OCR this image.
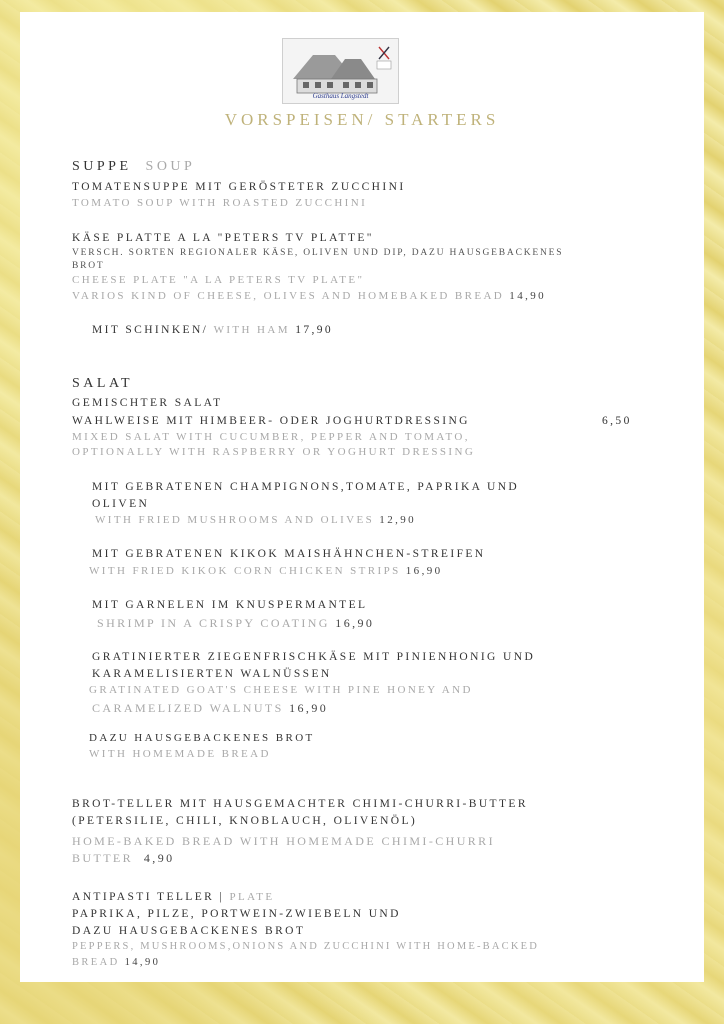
Gasthaus Langstedt
VORSPEISEN/ STARTERS
SUPPE SOUP
TOMATENSUPPE MIT GERÖSTETER ZUCCHINI
TOMATO SOUP WITH ROASTED ZUCCHINI
KÄSE PLATTE A LA "PETERS TV PLATTE"
VERSCH. SORTEN REGIONALER KÄSE, OLIVEN UND DIP, DAZU HAUSGEBACKENES
BROT
CHEESE PLATE "A LA PETERS TV PLATE"
VARIOS KIND OF CHEESE, OLIVES AND HOMEBAKED BREAD 14,90
MIT SCHINKEN/ WITH HAM 17,90
SALAT
GEMISCHTER SALAT
WAHLWEISE MIT HIMBEER- ODER JOGHURTDRESSING	6,50
MIXED SALAT WITH CUCUMBER, PEPPER AND TOMATO,
OPTIONALLY WITH RASPBERRY OR YOGHURT DRESSING
MIT GEBRATENEN CHAMPIGNONS,TOMATE, PAPRIKA UND
OLIVEN
WITH FRIED MUSHROOMS AND OLIVES 12,90
MIT GEBRATENEN KIKOK MAISHÄHNCHEN-STREIFEN
WITH FRIED KIKOK CORN CHICKEN STRIPS 16,90
MIT GARNELEN IM KNUSPERMANTEL
SHRIMP IN A CRISPY COATING 16,90
GRATINIERTER ZIEGENFRISCHKÄSE MIT PINIENHONIG UND
KARAMELISIERTEN WALNÜSSEN
GRATINATED GOAT'S CHEESE WITH PINE HONEY AND
CARAMELIZED WALNUTS 16,90
DAZU HAUSGEBACKENES BROT
WITH HOMEMADE BREAD
BROT-TELLER MIT HAUSGEMACHTER CHIMI-CHURRI-BUTTER
(PETERSILIE, CHILI, KNOBLAUCH, OLIVENÖL)
HOME-BAKED BREAD WITH HOMEMADE CHIMI-CHURRI
BUTTER 4,90
ANTIPASTI TELLER | PLATE
PAPRIKA, PILZE, PORTWEIN-ZWIEBELN UND
DAZU HAUSGEBACKENES BROT
PEPPERS, MUSHROOMS,ONIONS AND ZUCCHINI WITH HOME-BACKED
BREAD 14,90
